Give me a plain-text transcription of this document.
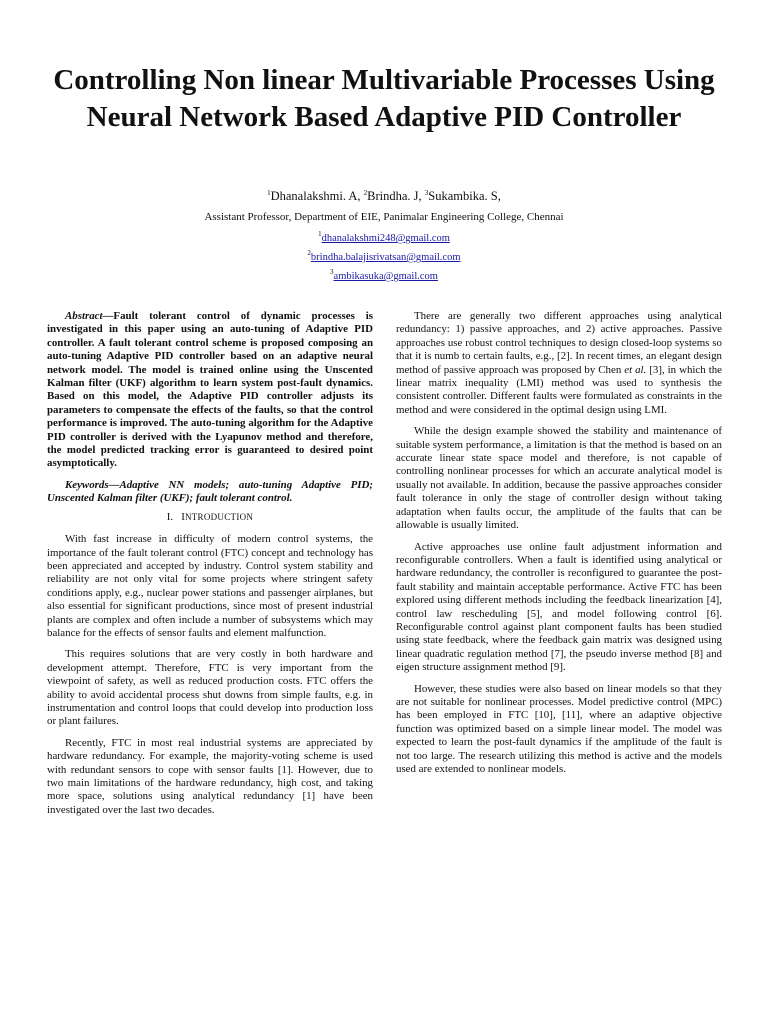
Controlling Non linear Multivariable Processes Using Neural Network Based Adaptive PID Controller
$^1$Dhanalakshmi. A, $^2$Brindha. J, $^3$Sukambika. S,
Assistant Professor, Department of EIE, Panimalar Engineering College, Chennai
$^1$dhanalakshmi248@gmail.com
$^2$brindha.balajisrivatsan@gmail.com
$^3$ambikasuka@gmail.com

Abstract—Fault tolerant control of dynamic processes is investigated in this paper using an auto-tuning of Adaptive PID controller. A fault tolerant control scheme is proposed composing an auto-tuning Adaptive PID controller based on an adaptive neural network model. The model is trained online using the Unscented Kalman filter (UKF) algorithm to learn system post-fault dynamics. Based on this model, the Adaptive PID controller adjusts its parameters to compensate the effects of the faults, so that the control performance is improved. The auto-tuning algorithm for the Adaptive PID controller is derived with the Lyapunov method and therefore, the model predicted tracking error is guaranteed to desired point asymptotically.

Keywords—Adaptive NN models; auto-tuning Adaptive PID; Unscented Kalman filter (UKF); fault tolerant control.

I. INTRODUCTION

With fast increase in difficulty of modern control systems, the importance of the fault tolerant control (FTC) concept and technology has been appreciated and accepted by industry. Control system stability and reliability are not only vital for some projects where stringent safety conditions apply, e.g., nuclear power stations and passenger airplanes, but also essential for significant productions, since most of present industrial plants are complex and often include a number of subsystems which may balance for the effects of sensor faults and element malfunction.

This requires solutions that are very costly in both hardware and development attempt. Therefore, FTC is very important from the viewpoint of safety, as well as reduced production costs. FTC offers the ability to avoid accidental process shut downs from simple faults, e.g. in instrumentation and control loops that could develop into production loss or plant failures.

Recently, FTC in most real industrial systems are appreciated by hardware redundancy. For example, the majority-voting scheme is used with redundant sensors to cope with sensor faults [1]. However, due to two main limitations of the hardware redundancy, high cost, and taking more space, solutions using analytical redundancy [1] have been investigated over the last two decades.

There are generally two different approaches using analytical redundancy: 1) passive approaches, and 2) active approaches. Passive approaches use robust control techniques to design closed-loop systems so that it is numb to certain faults, e.g., [2]. In recent times, an elegant design method of passive approach was proposed by Chen et al. [3], in which the linear matrix inequality (LMI) method was used to synthesis the consistent controller. Different faults were formulated as constraints in the method and were considered in the optimal design using LMI.

While the design example showed the stability and maintenance of suitable system performance, a limitation is that the method is based on an accurate linear state space model and therefore, is not capable of controlling nonlinear processes for which an accurate analytical model is usually not available. In addition, because the passive approaches consider fault tolerance in only the stage of controller design without taking adaptation when faults occur, the amplitude of the faults that can be allowable is usually limited.

Active approaches use online fault adjustment information and reconfigurable controllers. When a fault is identified using analytical or hardware redundancy, the controller is reconfigured to guarantee the post-fault stability and maintain acceptable performance. Active FTC has been explored using different methods including the feedback linearization [4], control law rescheduling [5], and model following control [6]. Reconfigurable control against plant component faults has been studied using state feedback, where the feedback gain matrix was designed using linear quadratic regulation method [7], the pseudo inverse method [8] and eigen structure assignment method [9].

However, these studies were also based on linear models so that they are not suitable for nonlinear processes. Model predictive control (MPC) has been employed in FTC [10], [11], where an adaptive objective function was optimized based on a simple linear model. The model was expected to learn the post-fault dynamics if the amplitude of the fault is not too large. The research utilizing this method is active and the models used are extended to nonlinear models.
